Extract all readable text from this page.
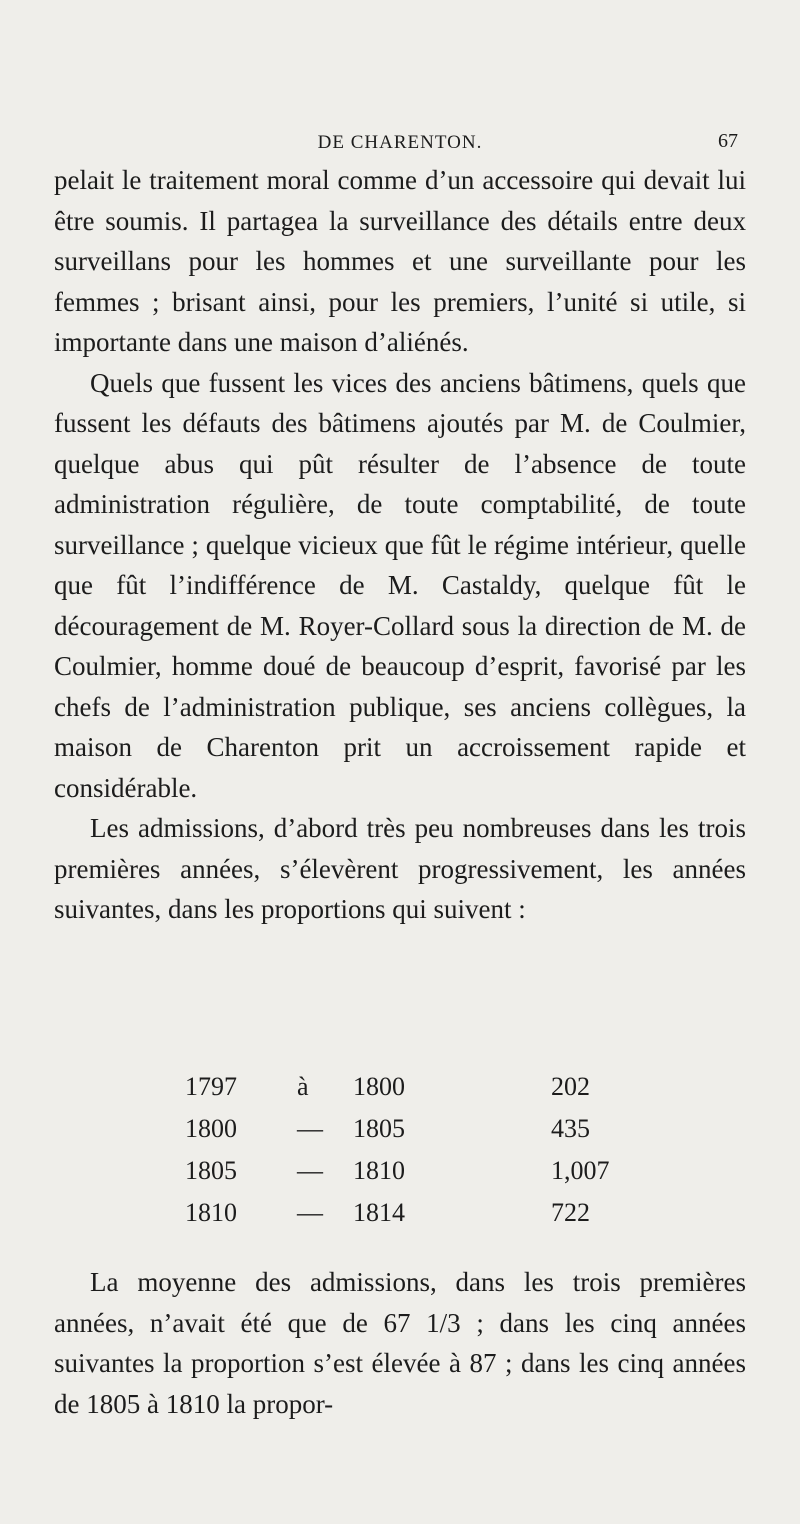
DE CHARENTON.	67

pelait le traitement moral comme d’un accessoire qui devait lui être soumis. Il partagea la surveillance des détails entre deux surveillans pour les hommes et une surveillante pour les femmes ; brisant ainsi, pour les premiers, l’unité si utile, si importante dans une maison d’aliénés.

Quels que fussent les vices des anciens bâtimens, quels que fussent les défauts des bâtimens ajoutés par M. de Coulmier, quelque abus qui pût résulter de l’absence de toute administration régulière, de toute comptabilité, de toute surveillance ; quelque vicieux que fût le régime intérieur, quelle que fût l’indifférence de M. Castaldy, quelque fût le découragement de M. Royer-Collard sous la direction de M. de Coulmier, homme doué de beaucoup d’esprit, favorisé par les chefs de l’administration publique, ses anciens collègues, la maison de Charenton prit un accroissement rapide et considérable.

Les admissions, d’abord très peu nombreuses dans les trois premières années, s’élevèrent progressivement, les années suivantes, dans les proportions qui suivent :

1797 à 1800	202
1800 — 1805	435
1805 — 1810	1,007
1810 — 1814	722

La moyenne des admissions, dans les trois premières années, n’avait été que de 67 1/3 ; dans les cinq années suivantes la proportion s’est élevée à 87 ; dans les cinq années de 1805 à 1810 la propor-
